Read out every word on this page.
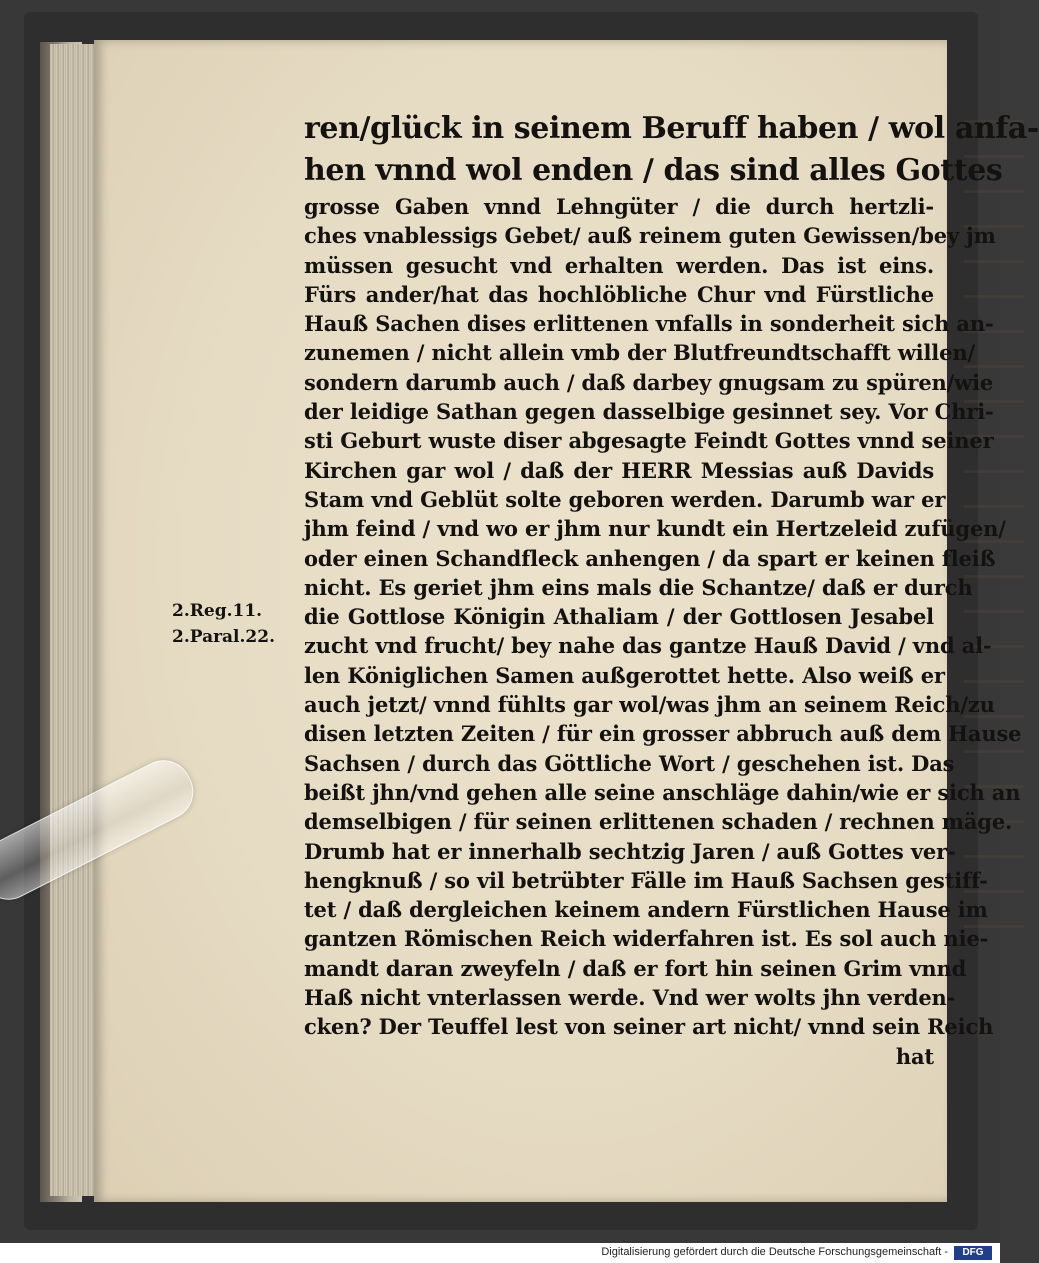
2.Reg.11.
2.Paral.22.
ren/glück in seinem Beruff haben / wol anfa-
hen vnnd wol enden / das sind alles Gottes
grosse Gaben vnnd Lehngüter / die durch hertzli-
ches vnablessigs Gebet/ auß reinem guten Gewissen/bey jm
müssen gesucht vnd erhalten werden. Das ist eins.
Fürs ander/hat das hochlöbliche Chur vnd Fürstliche
Hauß Sachen dises erlittenen vnfalls in sonderheit sich an-
zunemen / nicht allein vmb der Blutfreundtschafft willen/
sondern darumb auch / daß darbey gnugsam zu spüren/wie
der leidige Sathan gegen dasselbige gesinnet sey. Vor Chri-
sti Geburt wuste diser abgesagte Feindt Gottes vnnd seiner
Kirchen gar wol / daß der HERR Messias auß Davids
Stam vnd Geblüt solte geboren werden. Darumb war er
jhm feind / vnd wo er jhm nur kundt ein Hertzeleid zufügen/
oder einen Schandfleck anhengen / da spart er keinen fleiß
nicht. Es geriet jhm eins mals die Schantze/ daß er durch
die Gottlose Königin Athaliam / der Gottlosen Jesabel
zucht vnd frucht/ bey nahe das gantze Hauß David / vnd al-
len Königlichen Samen außgerottet hette. Also weiß er
auch jetzt/ vnnd fühlts gar wol/was jhm an seinem Reich/zu
disen letzten Zeiten / für ein grosser abbruch auß dem Hause
Sachsen / durch das Göttliche Wort / geschehen ist. Das
beißt jhn/vnd gehen alle seine anschläge dahin/wie er sich an
demselbigen / für seinen erlittenen schaden / rechnen mäge.
Drumb hat er innerhalb sechtzig Jaren / auß Gottes ver-
hengknuß / so vil betrübter Fälle im Hauß Sachsen gestiff-
tet / daß dergleichen keinem andern Fürstlichen Hause im
gantzen Römischen Reich widerfahren ist. Es sol auch nie-
mandt daran zweyfeln / daß er fort hin seinen Grim vnnd
Haß nicht vnterlassen werde. Vnd wer wolts jhn verden-
cken? Der Teuffel lest von seiner art nicht/ vnnd sein Reich
hat
Digitalisierung gefördert durch die Deutsche Forschungsgemeinschaft -	DFG
